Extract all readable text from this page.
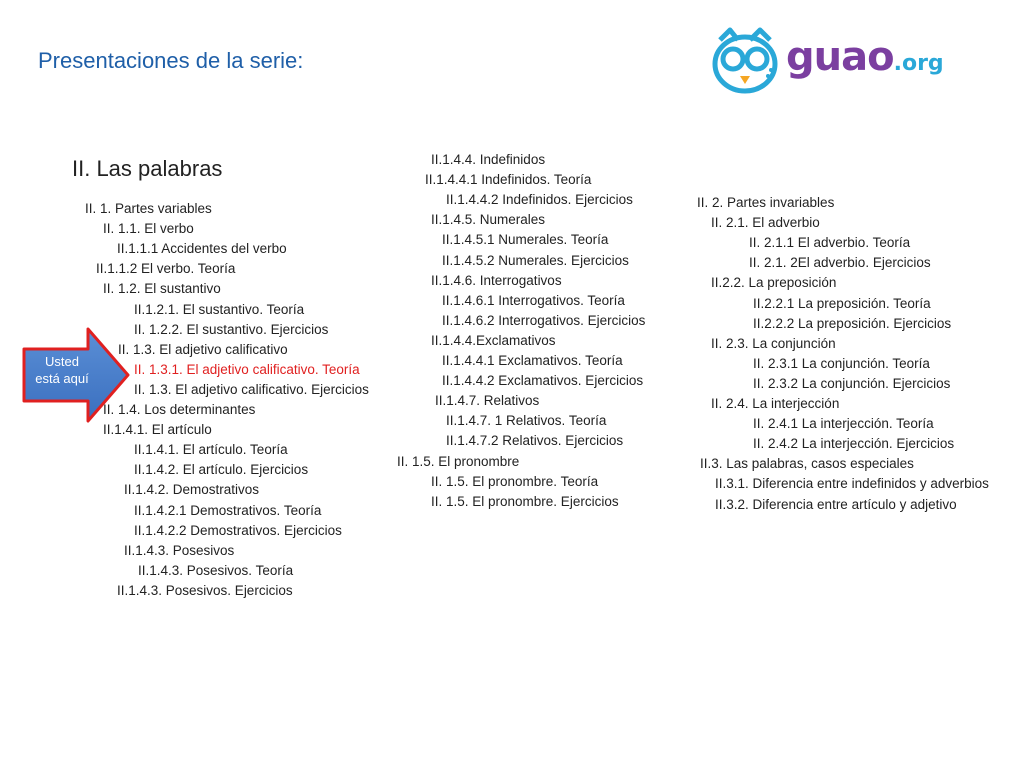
Presentaciones de la serie:	guao.org
II. Las palabras
Usted
está aquí
II. 1. Partes variables
II. 1.1. El verbo
II.1.1.1 Accidentes del verbo
II.1.1.2 El verbo. Teoría
II. 1.2. El sustantivo
II.1.2.1. El sustantivo. Teoría
II. 1.2.2. El sustantivo. Ejercicios
II. 1.3. El adjetivo calificativo
II. 1.3.1. El adjetivo calificativo. Teoría
II. 1.3. El adjetivo calificativo. Ejercicios
II. 1.4. Los determinantes
II.1.4.1. El artículo
II.1.4.1. El artículo. Teoría
II.1.4.2. El artículo. Ejercicios
II.1.4.2. Demostrativos
II.1.4.2.1 Demostrativos. Teoría
II.1.4.2.2 Demostrativos. Ejercicios
II.1.4.3. Posesivos
II.1.4.3. Posesivos. Teoría
II.1.4.3. Posesivos. Ejercicios
II.1.4.4. Indefinidos
II.1.4.4.1 Indefinidos. Teoría
II.1.4.4.2 Indefinidos. Ejercicios
II.1.4.5. Numerales
II.1.4.5.1 Numerales. Teoría
II.1.4.5.2 Numerales. Ejercicios
II.1.4.6. Interrogativos
II.1.4.6.1 Interrogativos. Teoría
II.1.4.6.2 Interrogativos. Ejercicios
II.1.4.4.Exclamativos
II.1.4.4.1 Exclamativos. Teoría
II.1.4.4.2 Exclamativos. Ejercicios
II.1.4.7. Relativos
II.1.4.7. 1 Relativos. Teoría
II.1.4.7.2 Relativos. Ejercicios
II. 1.5. El pronombre
II. 1.5. El pronombre. Teoría
II. 1.5. El pronombre. Ejercicios
II. 2. Partes invariables
II. 2.1. El adverbio
II. 2.1.1 El adverbio. Teoría
II. 2.1. 2El adverbio. Ejercicios
II.2.2. La preposición
II.2.2.1 La preposición. Teoría
II.2.2.2 La preposición. Ejercicios
II. 2.3. La conjunción
II. 2.3.1 La conjunción. Teoría
II. 2.3.2 La conjunción. Ejercicios
II. 2.4. La interjección
II. 2.4.1 La interjección. Teoría
II. 2.4.2 La interjección. Ejercicios
II.3. Las palabras, casos especiales
II.3.1. Diferencia entre indefinidos y adverbios
II.3.2. Diferencia entre artículo y adjetivo
